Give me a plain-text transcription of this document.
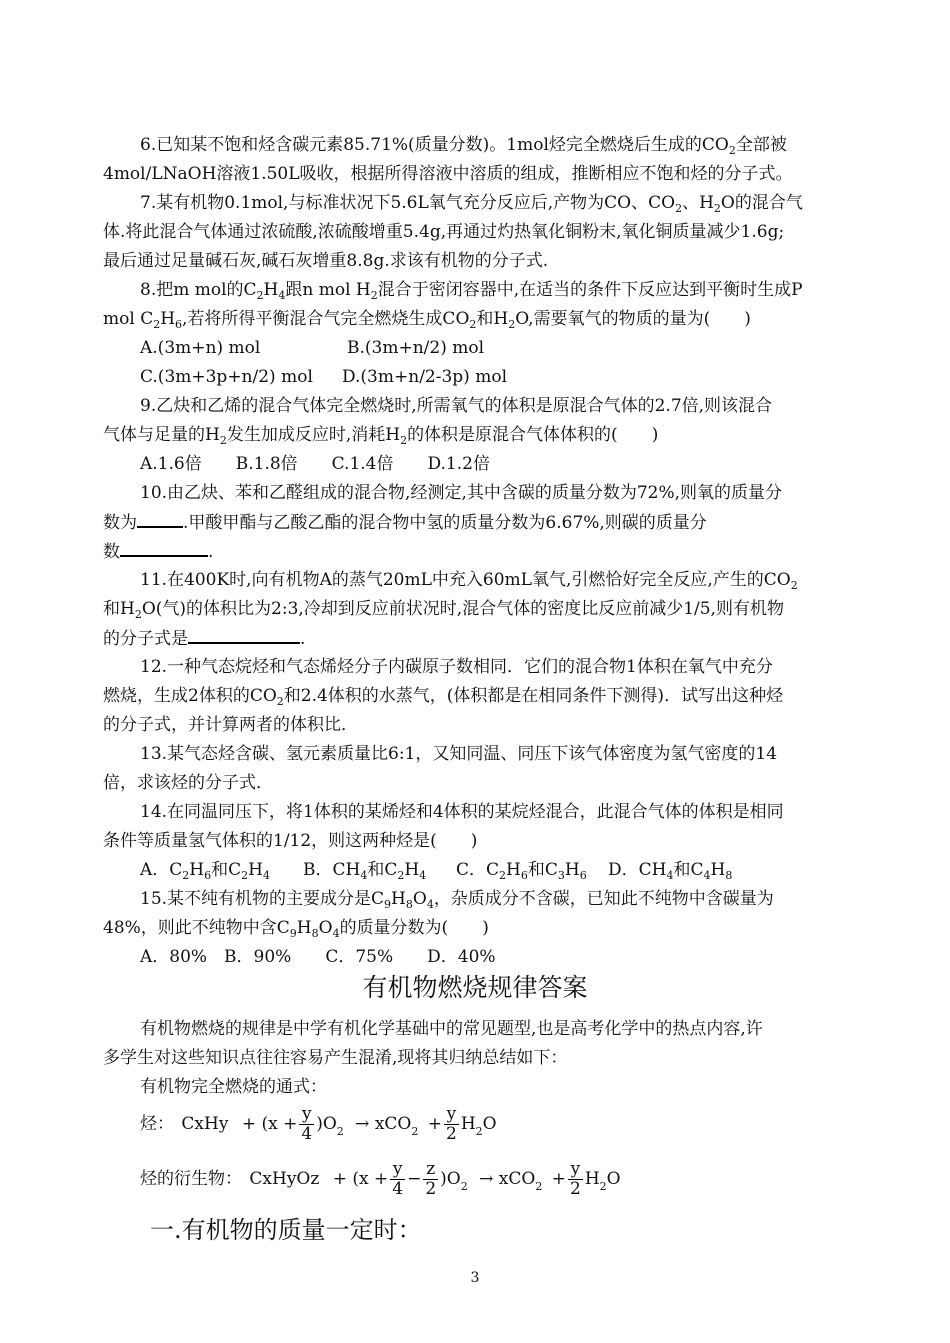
6.已知某不饱和烃含碳元素85.71%(质量分数)。1mol烃完全燃烧后生成的$CO_2$全部被
4mol/LNaOH溶液1.50L吸收，根据所得溶液中溶质的组成，推断相应不饱和烃的分子式。
7.某有机物0.1mol,与标准状况下5.6L氧气充分反应后,产物为CO、$CO_2$、$H_2O$的混合气
体.将此混合气体通过浓硫酸,浓硫酸增重5.4g,再通过灼热氧化铜粉末,氧化铜质量减少1.6g;
最后通过足量碱石灰,碱石灰增重8.8g.求该有机物的分子式.
8.把m mol的$C_2H_4$跟n mol $H_2$混合于密闭容器中,在适当的条件下反应达到平衡时生成P
mol $C_2H_6$,若将所得平衡混合气完全燃烧生成$CO_2$和$H_2O$,需要氧气的物质的量为(　　)
A.(3m+n) mol	B.(3m+n/2) mol
C.(3m+3p+n/2) mol D.(3m+n/2-3p) mol
9.乙炔和乙烯的混合气体完全燃烧时,所需氧气的体积是原混合气体的2.7倍,则该混合
气体与足量的$H_2$发生加成反应时,消耗$H_2$的体积是原混合气体体积的(　　)
A.1.6倍　　B.1.8倍　　C.1.4倍　　D.1.2倍
10.由乙炔、苯和乙醛组成的混合物,经测定,其中含碳的质量分数为72%,则氧的质量分
数为	.甲酸甲酯与乙酸乙酯的混合物中氢的质量分数为6.67%,则碳的质量分
数	.
11.在400K时,向有机物A的蒸气20mL中充入60mL氧气,引燃恰好完全反应,产生的$CO_2$
和$H_2O$(气)的体积比为2:3,冷却到反应前状况时,混合气体的密度比反应前减少1/5,则有机物
的分子式是	.
12.一种气态烷烃和气态烯烃分子内碳原子数相同．它们的混合物1体积在氧气中充分
燃烧，生成2体积的$CO_2$和2.4体积的水蒸气，(体积都是在相同条件下测得)．试写出这种烃
的分子式，并计算两者的体积比．
13.某气态烃含碳、氢元素质量比6:1，又知同温、同压下该气体密度为氢气密度的14
倍，求该烃的分子式．
14.在同温同压下，将1体积的某烯烃和4体积的某烷烃混合，此混合气体的体积是相同
条件等质量氢气体积的1/12，则这两种烃是(　　)
A．$C_2H_6$和$C_2H_4$ B．$CH_4$和$C_2H_4$ C．$C_2H_6$和$C_3H_6$ D．$CH_4$和$C_4H_8$
15.某不纯有机物的主要成分是$C_9H_8O_4$，杂质成分不含碳，已知此不纯物中含碳量为
48%，则此不纯物中含$C_9H_8O_4$的质量分数为(　　)
A．80%　B．90%　　C．75%　　D．40%
有机物燃烧规律答案
有机物燃烧的规律是中学有机化学基础中的常见题型,也是高考化学中的热点内容,许
多学生对这些知识点往往容易产生混淆,现将其归纳总结如下：
有机物完全燃烧的通式：
烃： CxHy + $(x + \frac{y}{4} )O_2 \to xCO_2 + \frac{y}{2} H_2O$
烃的衍生物： CxHyOz + $(x + \frac{y}{4} - \frac{z}{2} )O_2 \to xCO_2 + \frac{y}{2} H_2O$
一.有机物的质量一定时：
3
